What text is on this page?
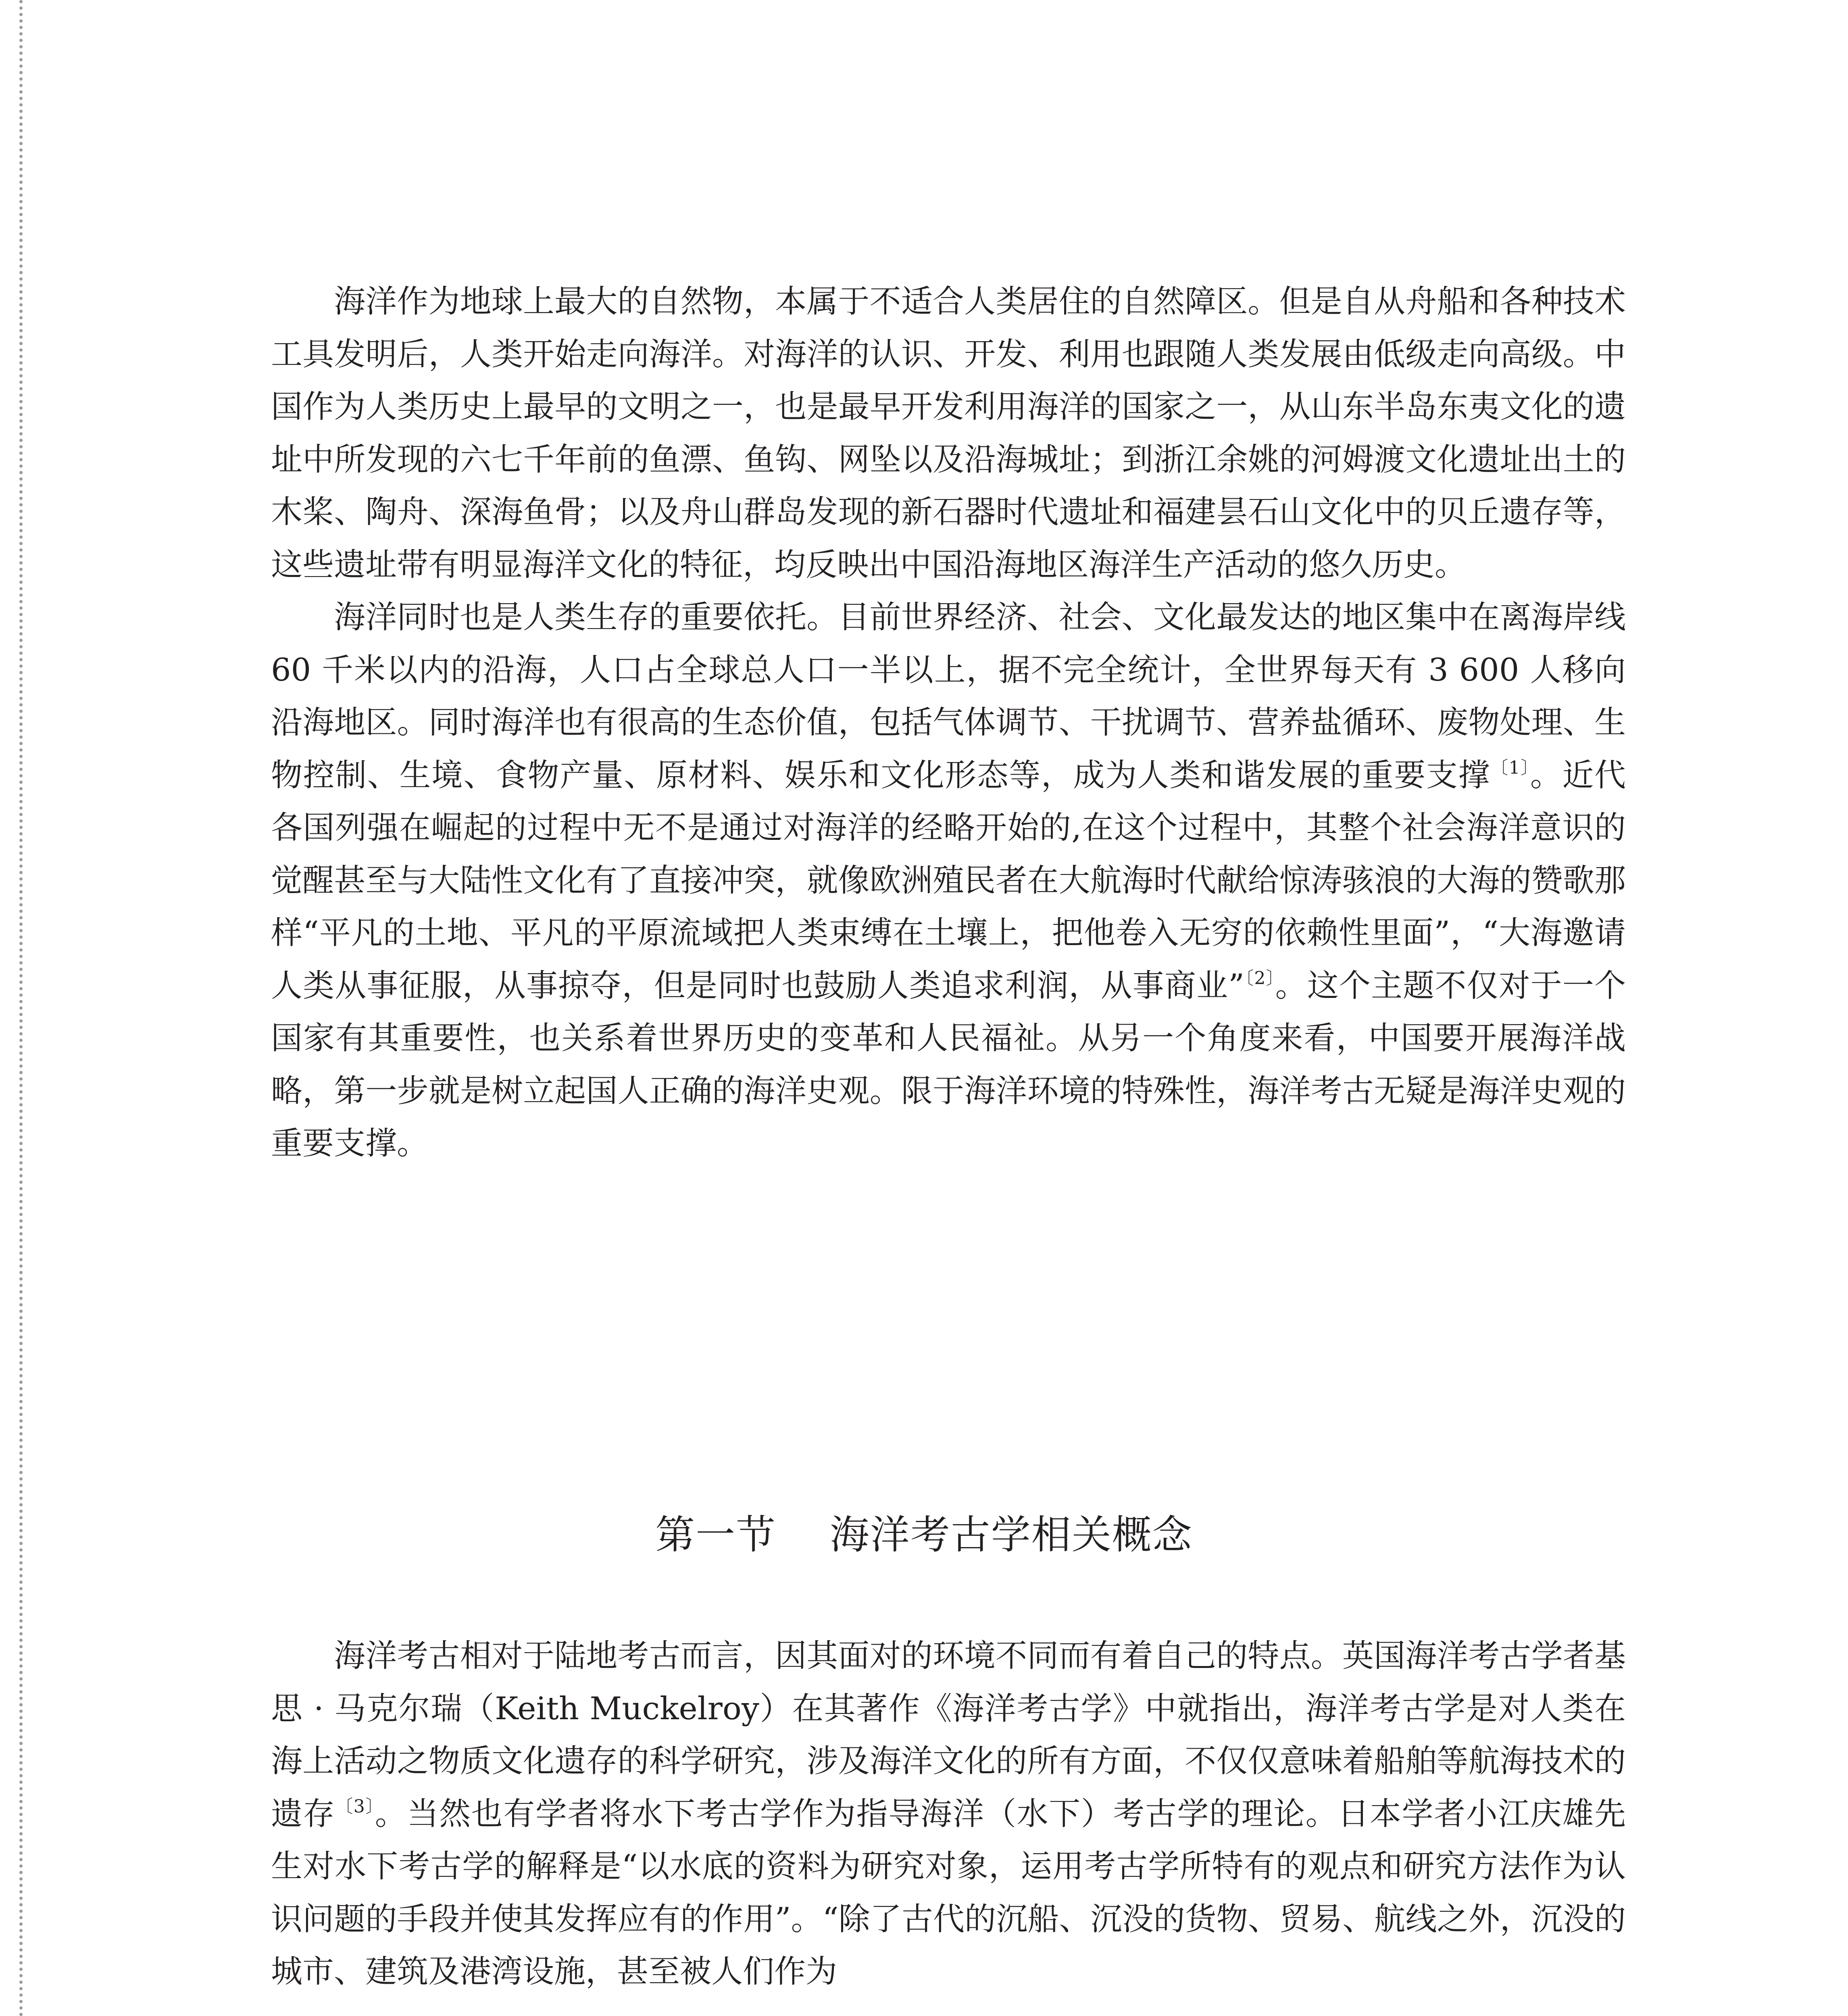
海洋作为地球上最大的自然物，本属于不适合人类居住的自然障区。但是自从舟船和各种技术工具发明后，人类开始走向海洋。对海洋的认识、开发、利用也跟随人类发展由低级走向高级。中国作为人类历史上最早的文明之一，也是最早开发利用海洋的国家之一，从山东半岛东夷文化的遗址中所发现的六七千年前的鱼漂、鱼钩、网坠以及沿海城址；到浙江余姚的河姆渡文化遗址出土的木桨、陶舟、深海鱼骨；以及舟山群岛发现的新石器时代遗址和福建昙石山文化中的贝丘遗存等，这些遗址带有明显海洋文化的特征，均反映出中国沿海地区海洋生产活动的悠久历史。

海洋同时也是人类生存的重要依托。目前世界经济、社会、文化最发达的地区集中在离海岸线 60 千米以内的沿海，人口占全球总人口一半以上，据不完全统计，全世界每天有 3 600 人移向沿海地区。同时海洋也有很高的生态价值，包括气体调节、干扰调节、营养盐循环、废物处理、生物控制、生境、食物产量、原材料、娱乐和文化形态等，成为人类和谐发展的重要支撑$^{〔1〕}$。近代各国列强在崛起的过程中无不是通过对海洋的经略开始的,在这个过程中，其整个社会海洋意识的觉醒甚至与大陆性文化有了直接冲突，就像欧洲殖民者在大航海时代献给惊涛骇浪的大海的赞歌那样“平凡的土地、平凡的平原流域把人类束缚在土壤上，把他卷入无穷的依赖性里面”，“大海邀请人类从事征服，从事掠夺，但是同时也鼓励人类追求利润，从事商业”$^{〔2〕}$。这个主题不仅对于一个国家有其重要性，也关系着世界历史的变革和人民福祉。从另一个角度来看，中国要开展海洋战略，第一步就是树立起国人正确的海洋史观。限于海洋环境的特殊性，海洋考古无疑是海洋史观的重要支撑。

第一节 海洋考古学相关概念

海洋考古相对于陆地考古而言，因其面对的环境不同而有着自己的特点。英国海洋考古学者基思 · 马克尔瑞（Keith Muckelroy）在其著作《海洋考古学》中就指出，海洋考古学是对人类在海上活动之物质文化遗存的科学研究，涉及海洋文化的所有方面，不仅仅意味着船舶等航海技术的遗存$^{〔3〕}$。当然也有学者将水下考古学作为指导海洋（水下）考古学的理论。日本学者小江庆雄先生对水下考古学的解释是“以水底的资料为研究对象，运用考古学所特有的观点和研究方法作为认识问题的手段并使其发挥应有的作用”。“除了古代的沉船、沉没的货物、贸易、航线之外，沉没的城市、建筑及港湾设施，甚至被人们作为
